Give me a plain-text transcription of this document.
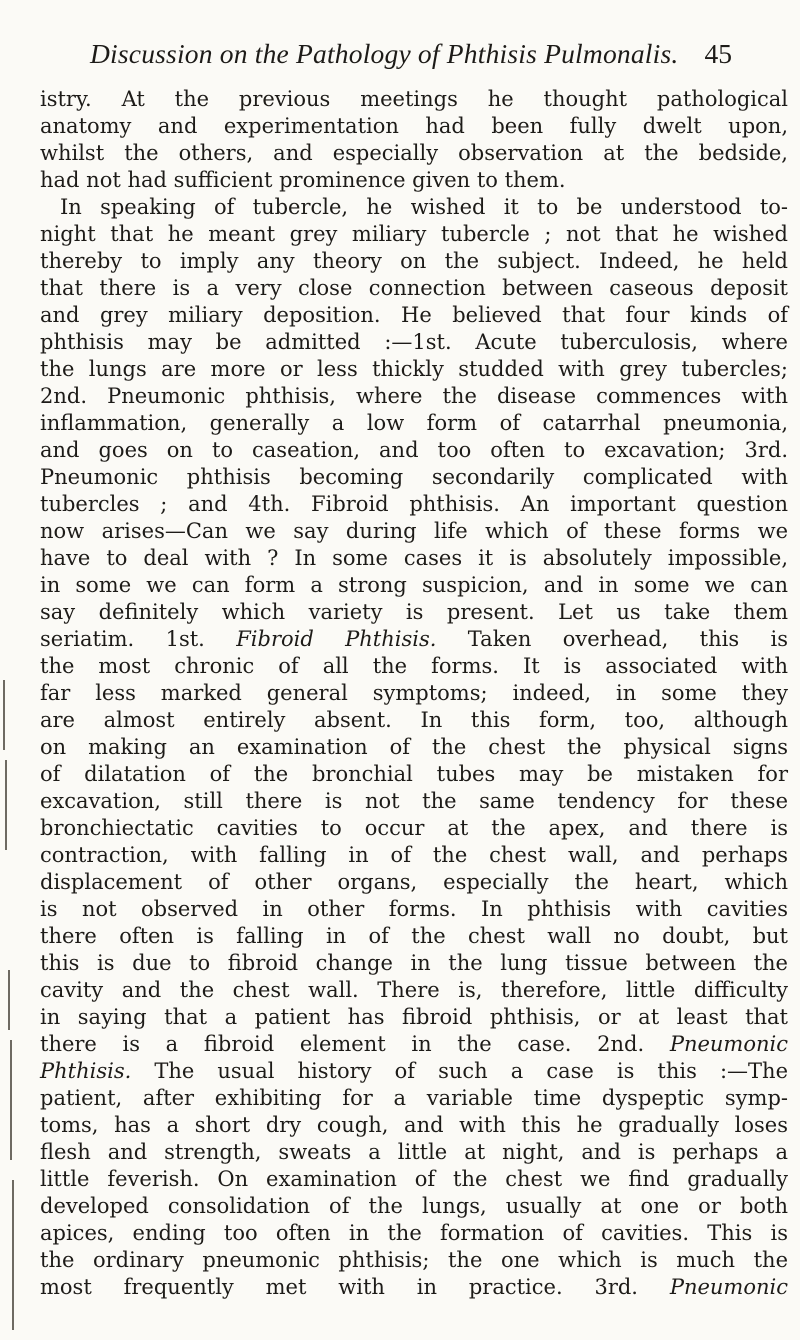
Discussion on the Pathology of Phthisis Pulmonalis. 45
istry. At the previous meetings he thought pathological
anatomy and experimentation had been fully dwelt upon,
whilst the others, and especially observation at the bedside,
had not had sufficient prominence given to them.
In speaking of tubercle, he wished it to be understood to-
night that he meant grey miliary tubercle ; not that he wished
thereby to imply any theory on the subject. Indeed, he held
that there is a very close connection between caseous deposit
and grey miliary deposition. He believed that four kinds of
phthisis may be admitted :—1st. Acute tuberculosis, where
the lungs are more or less thickly studded with grey tubercles;
2nd. Pneumonic phthisis, where the disease commences with
inflammation, generally a low form of catarrhal pneumonia,
and goes on to caseation, and too often to excavation; 3rd.
Pneumonic phthisis becoming secondarily complicated with
tubercles ; and 4th. Fibroid phthisis. An important question
now arises—Can we say during life which of these forms we
have to deal with ? In some cases it is absolutely impossible,
in some we can form a strong suspicion, and in some we can
say definitely which variety is present. Let us take them
seriatim. 1st. Fibroid Phthisis. Taken overhead, this is
the most chronic of all the forms. It is associated with
far less marked general symptoms; indeed, in some they
are almost entirely absent. In this form, too, although
on making an examination of the chest the physical signs
of dilatation of the bronchial tubes may be mistaken for
excavation, still there is not the same tendency for these
bronchiectatic cavities to occur at the apex, and there is
contraction, with falling in of the chest wall, and perhaps
displacement of other organs, especially the heart, which
is not observed in other forms. In phthisis with cavities
there often is falling in of the chest wall no doubt, but
this is due to fibroid change in the lung tissue between the
cavity and the chest wall. There is, therefore, little difficulty
in saying that a patient has fibroid phthisis, or at least that
there is a fibroid element in the case. 2nd. Pneumonic
Phthisis. The usual history of such a case is this :—The
patient, after exhibiting for a variable time dyspeptic symp-
toms, has a short dry cough, and with this he gradually loses
flesh and strength, sweats a little at night, and is perhaps a
little feverish. On examination of the chest we find gradually
developed consolidation of the lungs, usually at one or both
apices, ending too often in the formation of cavities. This is
the ordinary pneumonic phthisis; the one which is much the
most frequently met with in practice. 3rd. Pneumonic
